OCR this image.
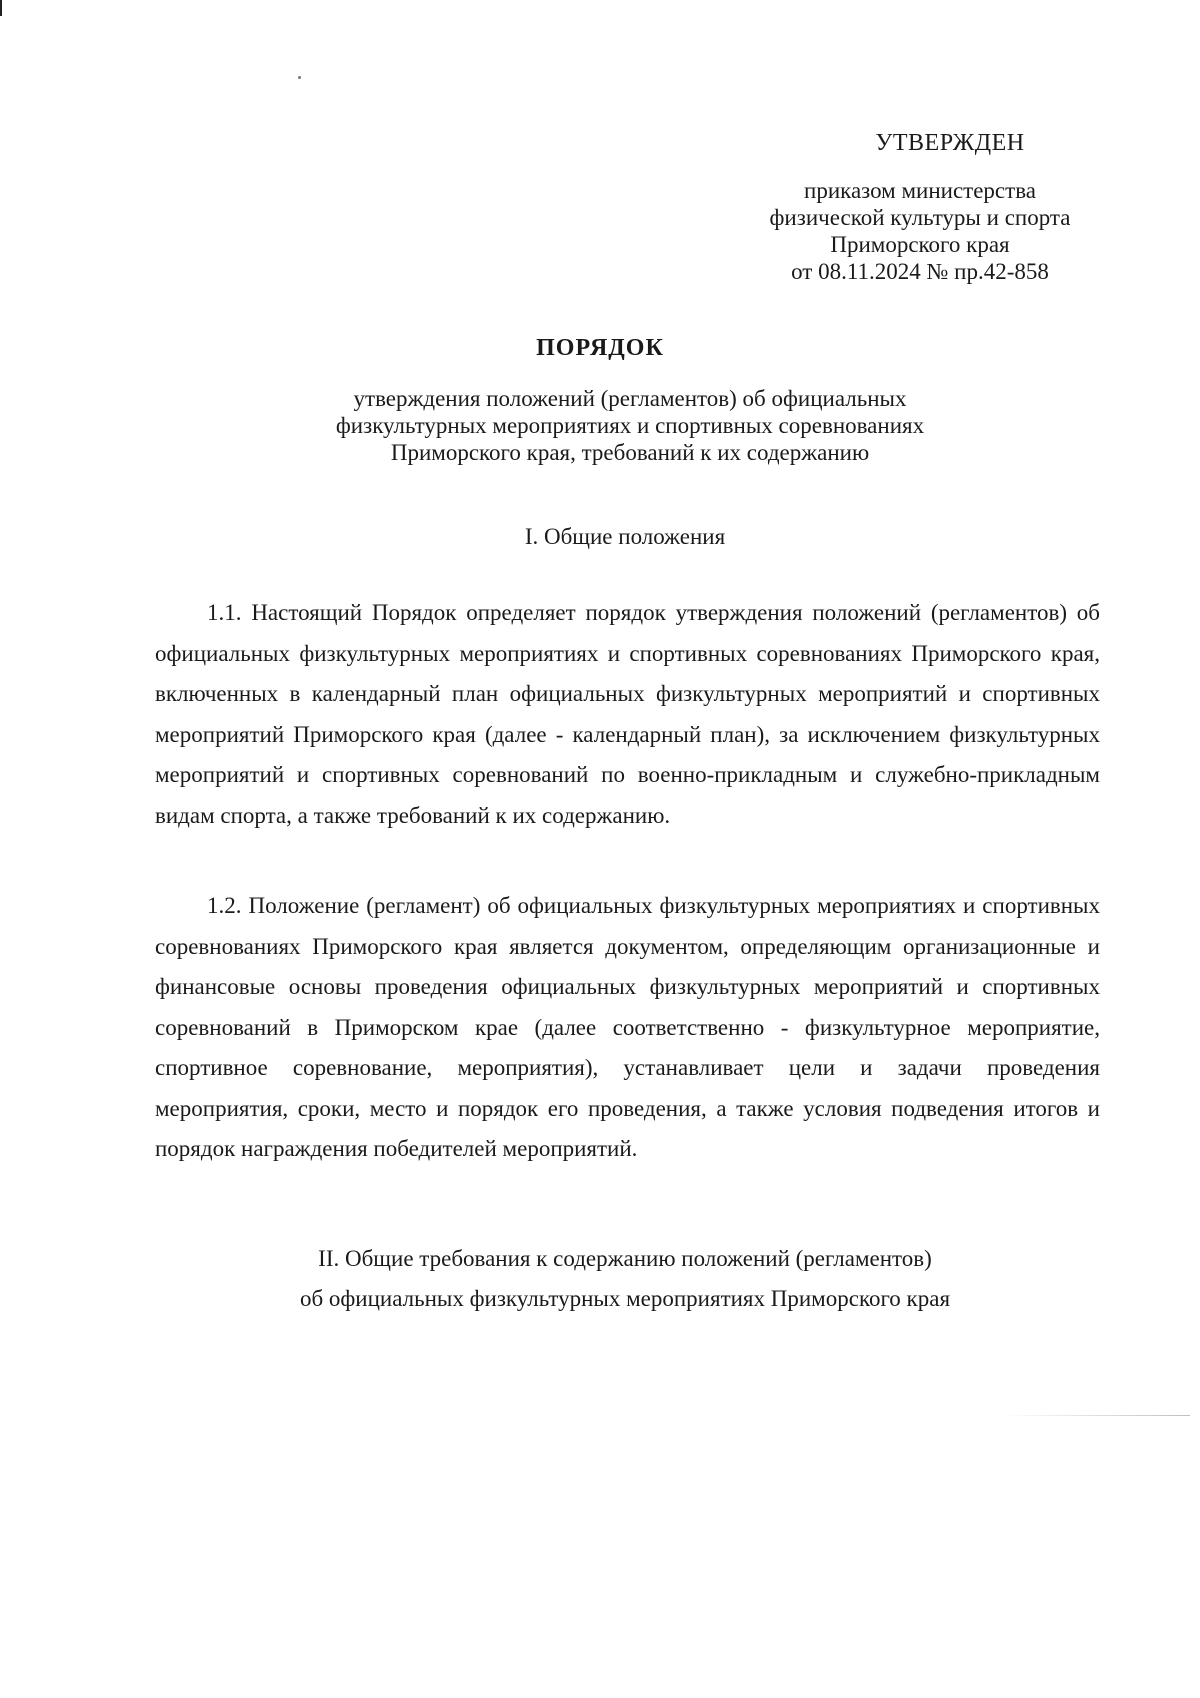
УТВЕРЖДЕН
приказом министерства
физической культуры и спорта
Приморского края
от 08.11.2024 № пр.42-858
ПОРЯДОК
утверждения положений (регламентов) об официальных
физкультурных мероприятиях и спортивных соревнованиях
Приморского края, требований к их содержанию
I. Общие положения

1.1. Настоящий Порядок определяет порядок утверждения положений (регламентов) об официальных физкультурных мероприятиях и спортивных соревнованиях Приморского края, включенных в календарный план официальных физкультурных мероприятий и спортивных мероприятий Приморского края (далее - календарный план), за исключением физкультурных мероприятий и спортивных соревнований по военно-прикладным и служебно-прикладным видам спорта, а также требований к их содержанию.

1.2. Положение (регламент) об официальных физкультурных мероприятиях и спортивных соревнованиях Приморского края является документом, определяющим организационные и финансовые основы проведения официальных физкультурных мероприятий и спортивных соревнований в Приморском крае (далее соответственно - физкультурное мероприятие, спортивное соревнование, мероприятия), устанавливает цели и задачи проведения мероприятия, сроки, место и порядок его проведения, а также условия подведения итогов и порядок награждения победителей мероприятий.

II. Общие требования к содержанию положений (регламентов)
об официальных физкультурных мероприятиях Приморского края
